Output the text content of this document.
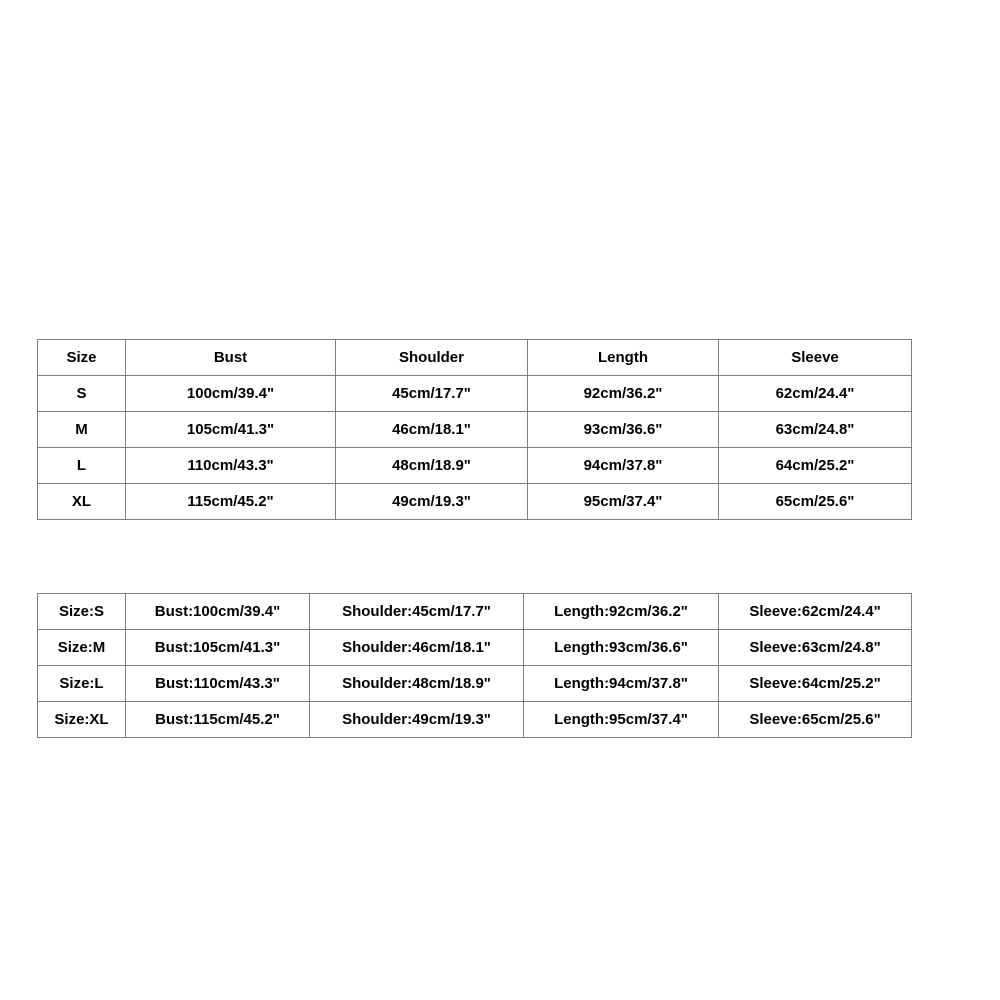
Size	Bust	Shoulder	Length	Sleeve
S	100cm/39.4"	45cm/17.7"	92cm/36.2"	62cm/24.4"
M	105cm/41.3"	46cm/18.1"	93cm/36.6"	63cm/24.8"
L	110cm/43.3"	48cm/18.9"	94cm/37.8"	64cm/25.2"
XL	115cm/45.2"	49cm/19.3"	95cm/37.4"	65cm/25.6"
Size:S	Bust:100cm/39.4"	Shoulder:45cm/17.7"	Length:92cm/36.2"	Sleeve:62cm/24.4"
Size:M	Bust:105cm/41.3"	Shoulder:46cm/18.1"	Length:93cm/36.6"	Sleeve:63cm/24.8"
Size:L	Bust:110cm/43.3"	Shoulder:48cm/18.9"	Length:94cm/37.8"	Sleeve:64cm/25.2"
Size:XL	Bust:115cm/45.2"	Shoulder:49cm/19.3"	Length:95cm/37.4"	Sleeve:65cm/25.6"
